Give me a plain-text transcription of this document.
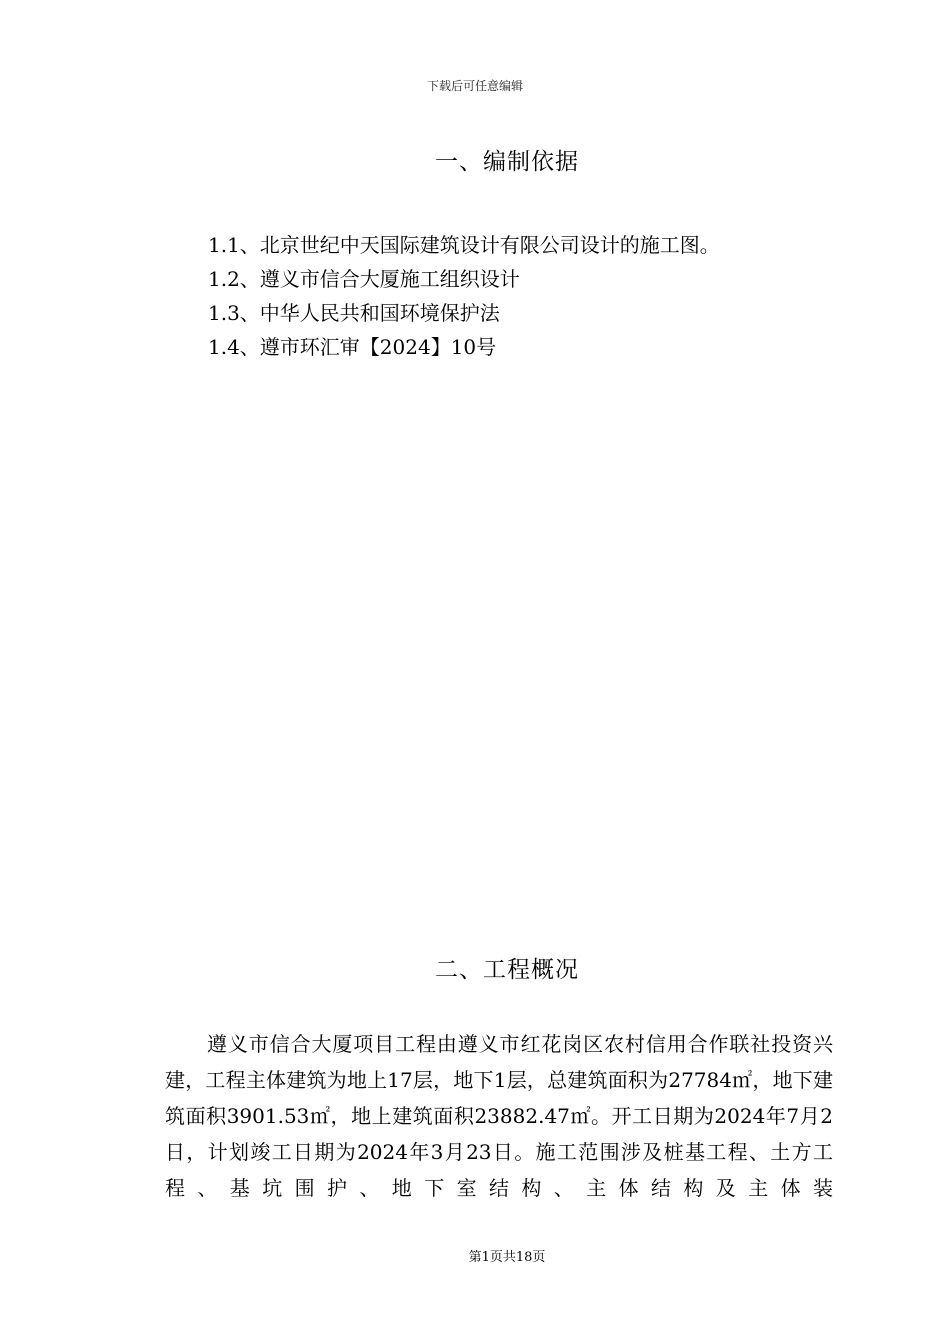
下载后可任意编辑
一、编制依据
1.1、北京世纪中天国际建筑设计有限公司设计的施工图。
1.2、遵义市信合大厦施工组织设计
1.3、中华人民共和国环境保护法
1.4、遵市环汇审【2024】10号
二、工程概况

遵义市信合大厦项目工程由遵义市红花岗区农村信用合作联社投资兴建，工程主体建筑为地上17层，地下1层，总建筑面积为27784㎡，地下建筑面积3901.53㎡，地上建筑面积23882.47㎡。开工日期为2024年7月2日，计划竣工日期为2024年3月23日。施工范围涉及桩基工程、土方工程、基坑围护、地下室结构、主体结构及主体装

第1页共18页
